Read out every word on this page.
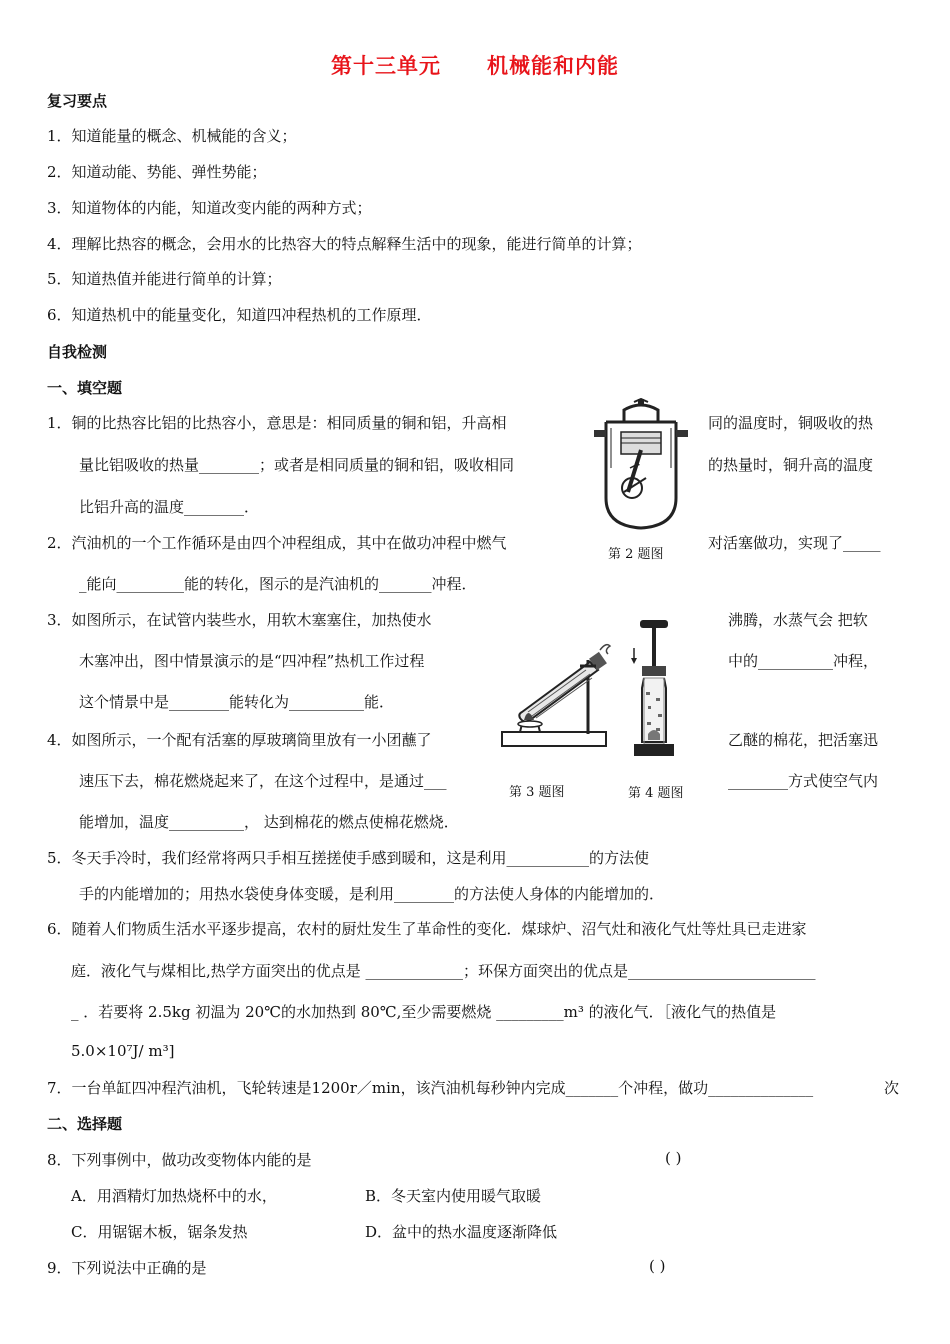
第十三单元 机械能和内能
复习要点
1．知道能量的概念、机械能的含义；
2．知道动能、势能、弹性势能；
3．知道物体的内能，知道改变内能的两种方式；
4．理解比热容的概念，会用水的比热容大的特点解释生活中的现象，能进行简单的计算；
5．知道热值并能进行简单的计算；
6．知道热机中的能量变化，知道四冲程热机的工作原理．
自我检测
一、填空题
1．铜的比热容比铝的比热容小，意思是：相同质量的铜和铝，升高相	同的温度时，铜吸收的热
量比铝吸收的热量________；或者是相同质量的铜和铝，吸收相同	的热量时，铜升高的温度
比铝升高的温度________．
第 2 题图
2．汽油机的一个工作循环是由四个冲程组成，其中在做功冲程中燃气	对活塞做功，实现了_____
_能向_________能的转化，图示的是汽油机的_______冲程．
3．如图所示，在试管内装些水，用软木塞塞住，加热使水	沸腾，水蒸气会 把软
木塞冲出，图中情景演示的是“四冲程”热机工作过程	中的__________冲程，
这个情景中是________能转化为__________能．
第 3 题图	第 4 题图
4．如图所示，一个配有活塞的厚玻璃筒里放有一小团蘸了	乙醚的棉花，把活塞迅
速压下去，棉花燃烧起来了，在这个过程中，是通过___	________方式使空气内
能增加，温度__________， 达到棉花的燃点使棉花燃烧．
5．冬天手冷时，我们经常将两只手相互搓搓使手感到暖和，这是利用___________的方法使
手的内能增加的；用热水袋使身体变暖，是利用________的方法使人身体的内能增加的．
6．随着人们物质生活水平逐步提高，农村的厨灶发生了革命性的变化．煤球炉、沼气灶和液化气灶等灶具已走进家
庭．液化气与煤相比,热学方面突出的优点是 _____________；环保方面突出的优点是_________________________
_ ．若要将 2.5kg 初温为 20℃的水加热到 80℃,至少需要燃烧 _________m³ 的液化气．［液化气的热值是
5.0×10⁷J/ m³]
7．一台单缸四冲程汽油机，飞轮转速是1200r／min，该汽油机每秒钟内完成_______个冲程，做功______________	次
二、选择题
8．下列事例中，做功改变物体内能的是	( )
A．用酒精灯加热烧杯中的水，	B．冬天室内使用暖气取暖
C．用锯锯木板，锯条发热	D．盆中的热水温度逐渐降低
9．下列说法中正确的是	( )
